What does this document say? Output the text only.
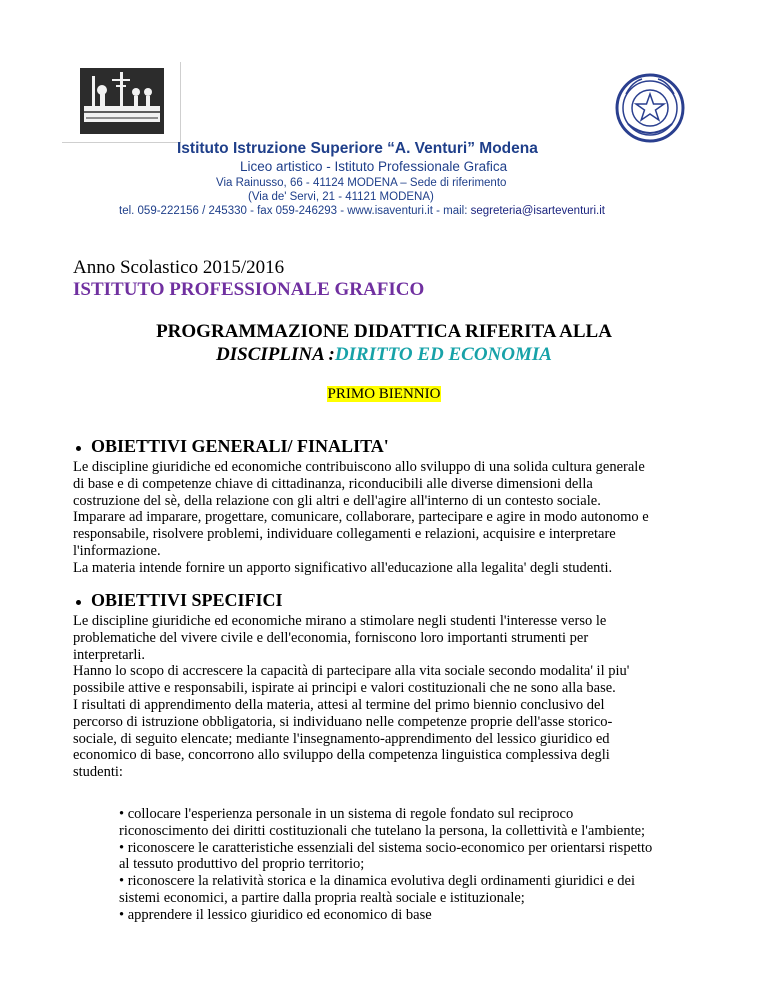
Istituto Istruzione Superiore “A. Venturi” Modena
Liceo artistico - Istituto Professionale Grafica
Via Rainusso, 66 - 41124 MODENA – Sede di riferimento
(Via de' Servi, 21 - 41121 MODENA)
tel. 059-222156 / 245330 - fax 059-246293 - www.isaventuri.it - mail: segreteria@isarteventuri.it
Anno Scolastico 2015/2016
ISTITUTO PROFESSIONALE GRAFICO
PROGRAMMAZIONE DIDATTICA RIFERITA ALLA
DISCIPLINA :DIRITTO ED ECONOMIA
PRIMO BIENNIO
OBIETTIVI GENERALI/ FINALITA'

Le discipline giuridiche ed economiche contribuiscono allo sviluppo di una solida cultura generale

di base e di competenze chiave di cittadinanza, riconducibili alle diverse dimensioni della

costruzione del sè, della relazione con gli altri e dell'agire all'interno di un contesto sociale.

Imparare ad imparare, progettare, comunicare, collaborare, partecipare e agire in modo autonomo e

responsabile, risolvere problemi, individuare collegamenti e relazioni, acquisire e interpretare

l'informazione.

La materia intende fornire un apporto significativo all'educazione alla legalita' degli studenti.

OBIETTIVI SPECIFICI

Le discipline giuridiche ed economiche mirano a stimolare negli studenti l'interesse verso le

problematiche del vivere civile e dell'economia, forniscono loro importanti strumenti per

interpretarli.

Hanno lo scopo di accrescere la capacità di partecipare alla vita sociale secondo modalita' il piu'

possibile attive e responsabili, ispirate ai principi e valori costituzionali che ne sono alla base.

I risultati di apprendimento della materia, attesi al termine del primo biennio conclusivo del

percorso di istruzione obbligatoria, si individuano nelle competenze proprie dell'asse storico-

sociale, di seguito elencate; mediante l'insegnamento-apprendimento del lessico giuridico ed

economico di base, concorrono allo sviluppo della competenza linguistica complessiva degli

studenti:

• collocare l'esperienza personale in un sistema di regole fondato sul reciproco

riconoscimento dei diritti costituzionali che tutelano la persona, la collettività e l'ambiente;

• riconoscere le caratteristiche essenziali del sistema socio-economico per orientarsi rispetto

al tessuto produttivo del proprio territorio;

• riconoscere la relatività storica e la dinamica evolutiva degli ordinamenti giuridici e dei

sistemi economici, a partire dalla propria realtà sociale e istituzionale;

• apprendere il lessico giuridico ed economico di base
